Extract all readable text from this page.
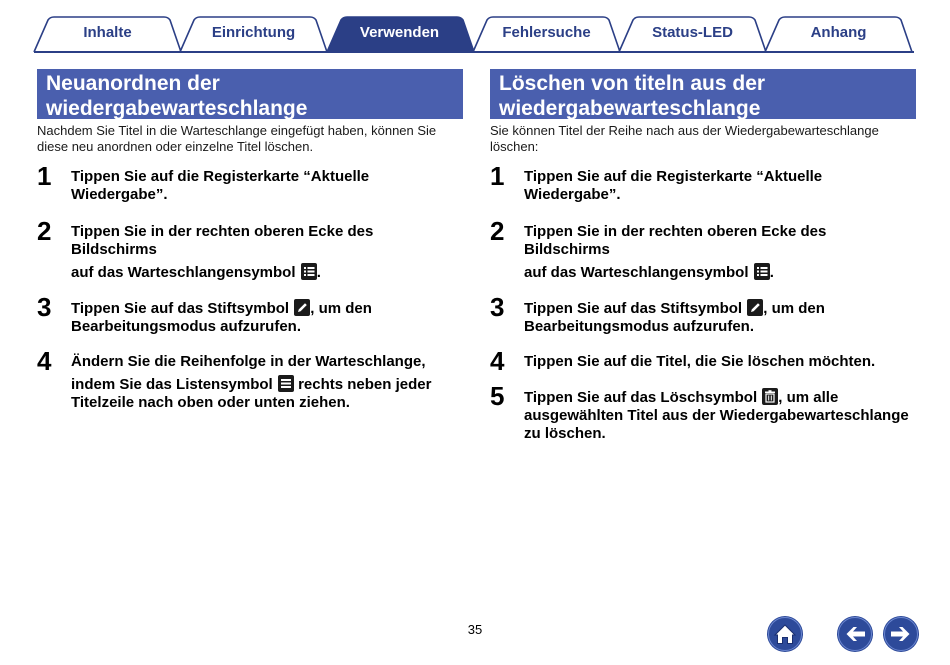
Inhalte	Einrichtung	Verwenden	Fehlersuche	Status-LED	Anhang
Neuanordnen der
wiedergabewarteschlange
Nachdem Sie Titel in die Warteschlange eingefügt haben, können Sie
diese neu anordnen oder einzelne Titel löschen.
1 Tippen Sie auf die Registerkarte “Aktuelle
Wiedergabe”.
2 Tippen Sie in der rechten oberen Ecke des Bildschirms
auf das Warteschlangensymbol .
3 Tippen Sie auf das Stiftsymbol , um den
Bearbeitungsmodus aufzurufen.
4 Ändern Sie die Reihenfolge in der Warteschlange,
indem Sie das Listensymbol rechts neben jeder
Titelzeile nach oben oder unten ziehen.
Löschen von titeln aus der
wiedergabewarteschlange
Sie können Titel der Reihe nach aus der Wiedergabewarteschlange
löschen:
1 Tippen Sie auf die Registerkarte “Aktuelle
Wiedergabe”.
2 Tippen Sie in der rechten oberen Ecke des Bildschirms
auf das Warteschlangensymbol .
3 Tippen Sie auf das Stiftsymbol , um den
Bearbeitungsmodus aufzurufen.
4 Tippen Sie auf die Titel, die Sie löschen möchten.
5 Tippen Sie auf das Löschsymbol , um alle
ausgewählten Titel aus der Wiedergabewarteschlange
zu löschen.
35
